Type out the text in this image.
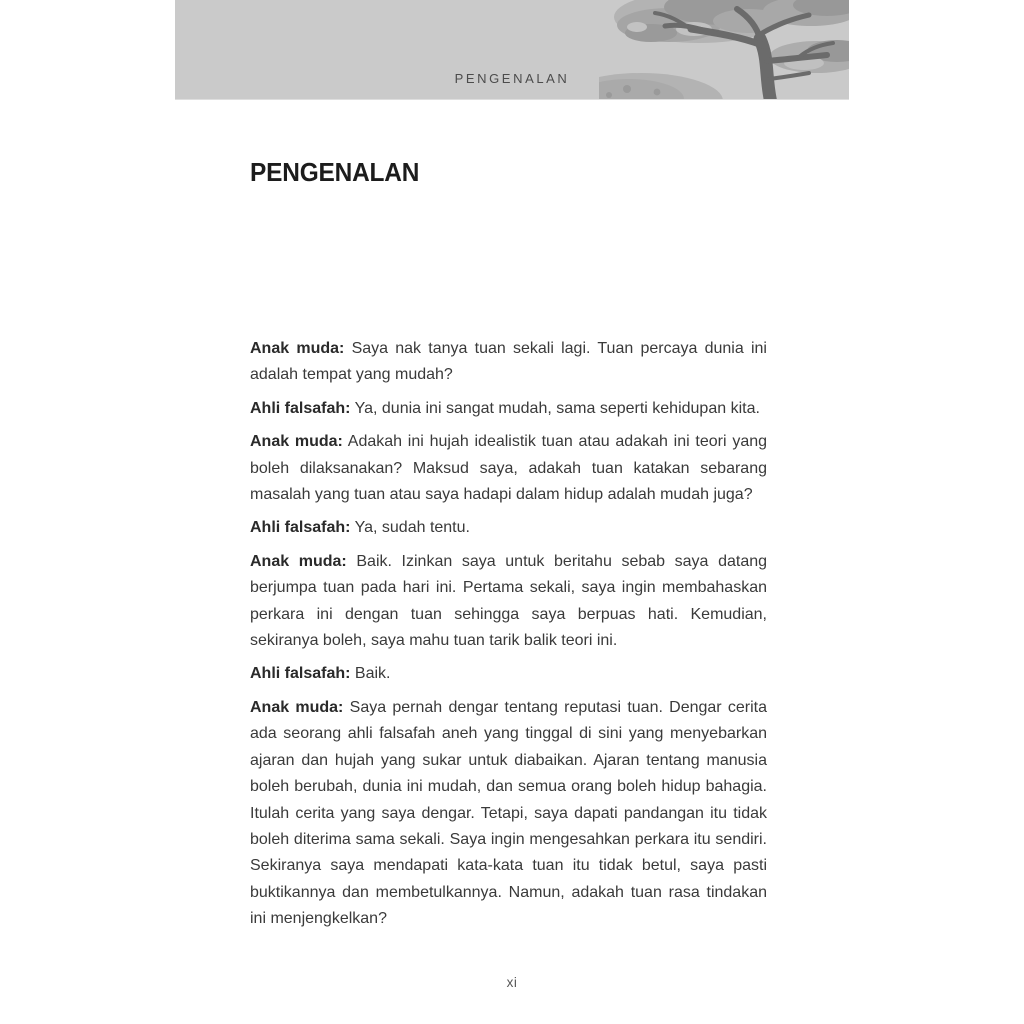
PENGENALAN
PENGENALAN

Anak muda: Saya nak tanya tuan sekali lagi. Tuan percaya dunia ini adalah tempat yang mudah?

Ahli falsafah: Ya, dunia ini sangat mudah, sama seperti kehidupan kita.

Anak muda: Adakah ini hujah idealistik tuan atau adakah ini teori yang boleh dilaksanakan? Maksud saya, adakah tuan katakan sebarang masalah yang tuan atau saya hadapi dalam hidup adalah mudah juga?

Ahli falsafah: Ya, sudah tentu.

Anak muda: Baik. Izinkan saya untuk beritahu sebab saya datang berjumpa tuan pada hari ini. Pertama sekali, saya ingin membahaskan perkara ini dengan tuan sehingga saya berpuas hati. Kemudian, sekiranya boleh, saya mahu tuan tarik balik teori ini.

Ahli falsafah: Baik.

Anak muda: Saya pernah dengar tentang reputasi tuan. Dengar cerita ada seorang ahli falsafah aneh yang tinggal di sini yang menyebarkan ajaran dan hujah yang sukar untuk diabaikan. Ajaran tentang manusia boleh berubah, dunia ini mudah, dan semua orang boleh hidup bahagia. Itulah cerita yang saya dengar. Tetapi, saya dapati pandangan itu tidak boleh diterima sama sekali. Saya ingin mengesahkan perkara itu sendiri. Sekiranya saya mendapati kata-kata tuan itu tidak betul, saya pasti buktikannya dan membetulkannya. Namun, adakah tuan rasa tindakan ini menjengkelkan?

xi
